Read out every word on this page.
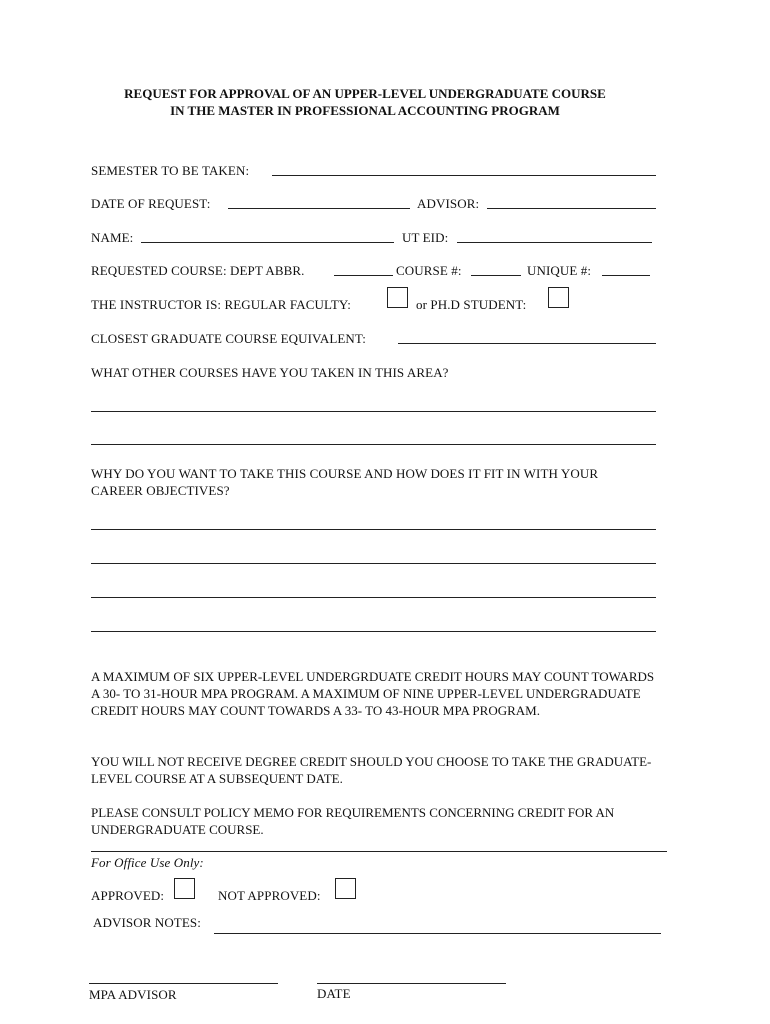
REQUEST FOR APPROVAL OF AN UPPER-LEVEL UNDERGRADUATE COURSE
IN THE MASTER IN PROFESSIONAL ACCOUNTING PROGRAM
SEMESTER TO BE TAKEN:
DATE OF REQUEST:	ADVISOR:
NAME:	UT EID:
REQUESTED COURSE: DEPT ABBR.	COURSE #:	UNIQUE #:
THE INSTRUCTOR IS: REGULAR FACULTY:	or PH.D STUDENT:
CLOSEST GRADUATE COURSE EQUIVALENT:
WHAT OTHER COURSES HAVE YOU TAKEN IN THIS AREA?
WHY DO YOU WANT TO TAKE THIS COURSE AND HOW DOES IT FIT IN WITH YOUR
CAREER OBJECTIVES?
A MAXIMUM OF SIX UPPER-LEVEL UNDERGRDUATE CREDIT HOURS MAY COUNT TOWARDS A 30- TO 31-HOUR MPA PROGRAM. A MAXIMUM OF NINE UPPER-LEVEL UNDERGRADUATE CREDIT HOURS MAY COUNT TOWARDS A 33- TO 43-HOUR MPA PROGRAM.
YOU WILL NOT RECEIVE DEGREE CREDIT SHOULD YOU CHOOSE TO TAKE THE GRADUATE-LEVEL COURSE AT A SUBSEQUENT DATE.
PLEASE CONSULT POLICY MEMO FOR REQUIREMENTS CONCERNING CREDIT FOR AN UNDERGRADUATE COURSE.
For Office Use Only:
APPROVED:	NOT APPROVED:
ADVISOR NOTES:
MPA ADVISOR	DATE
